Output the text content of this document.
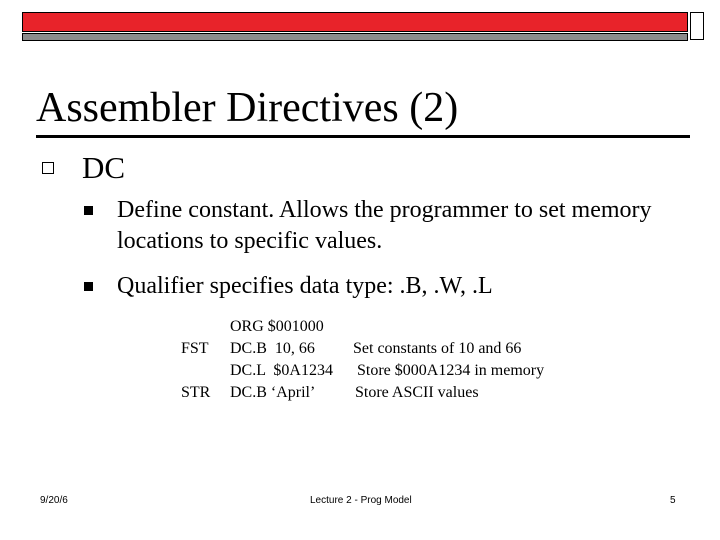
Assembler Directives (2)
DC
Define constant. Allows the programmer to set memory locations to specific values.
Qualifier specifies data type: .B, .W, .L
ORG $001000
FST DC.B  10, 66 Set constants of 10 and 66
DC.L  $0A1234 Store $000A1234 in memory
STR DC.B ‘April’ Store ASCII values
9/20/6	Lecture 2 - Prog Model	5
